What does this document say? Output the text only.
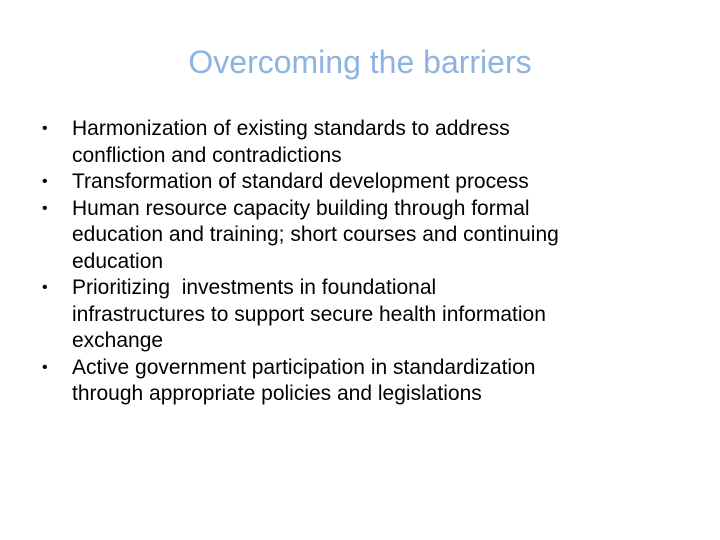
Overcoming the barriers
•	Harmonization of existing standards to address
confliction and contradictions
•	Transformation of standard development process
•	Human resource capacity building through formal
education and training; short courses and continuing
education
•	Prioritizing  investments in foundational
infrastructures to support secure health information
exchange
•	Active government participation in standardization
through appropriate policies and legislations
